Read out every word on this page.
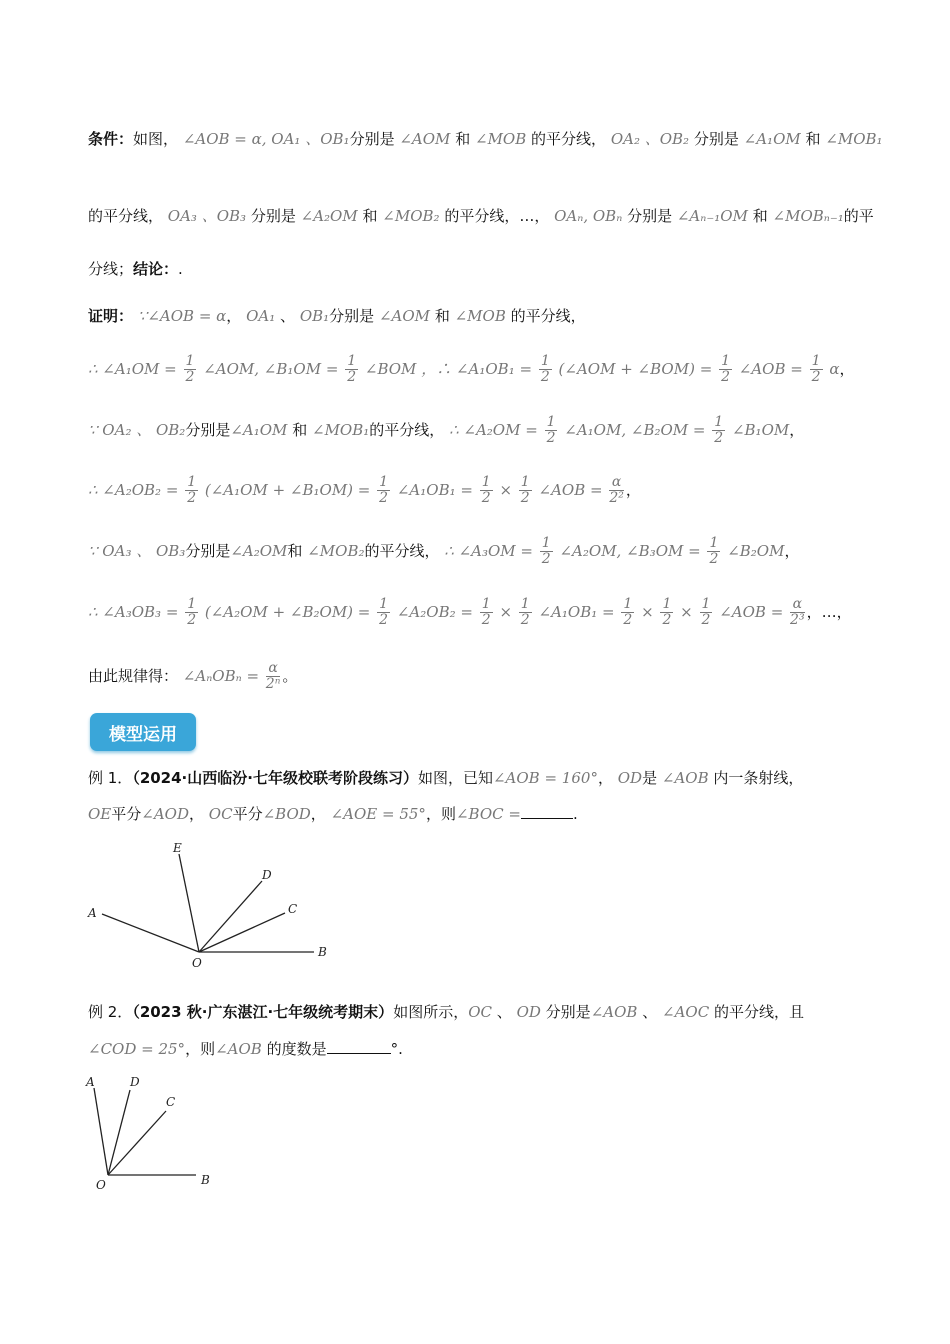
条件：如图， ∠AOB = α, OA₁ 、OB₁分别是 ∠AOM 和 ∠MOB 的平分线， OA₂ 、OB₂ 分别是 ∠A₁OM 和 ∠MOB₁
的平分线， OA₃ 、OB₃ 分别是 ∠A₂OM 和 ∠MOB₂ 的平分线，…， OAₙ, OBₙ 分别是 ∠Aₙ₋₁OM 和 ∠MOBₙ₋₁的平
分线；结论：.
证明： ∵∠AOB = α， OA₁ 、 OB₁分别是 ∠AOM 和 ∠MOB 的平分线，
∴ ∠A₁OM = $\frac{1}{2}$ ∠AOM, ∠B₁OM = $\frac{1}{2}$ ∠BOM ，∴ ∠A₁OB₁ = $\frac{1}{2}$ (∠AOM + ∠BOM) = $\frac{1}{2}$ ∠AOB = $\frac{1}{2}$ α，
∵ OA₂ 、 OB₂分别是∠A₁OM 和 ∠MOB₁的平分线， ∴ ∠A₂OM = $\frac{1}{2}$ ∠A₁OM, ∠B₂OM = $\frac{1}{2}$ ∠B₁OM，
∴ ∠A₂OB₂ = $\frac{1}{2}$ (∠A₁OM + ∠B₁OM) = $\frac{1}{2}$ ∠A₁OB₁ = $\frac{1}{2} \times \frac{1}{2}$ ∠AOB = $\frac{\alpha}{\text{2²}}$ ，
∵ OA₃ 、 OB₃分别是∠A₂OM和 ∠MOB₂的平分线， ∴ ∠A₃OM = $\frac{1}{2}$ ∠A₂OM, ∠B₃OM = $\frac{1}{2}$ ∠B₂OM，
∴ ∠A₃OB₃ = $\frac{1}{2}$ (∠A₂OM + ∠B₂OM) = $\frac{1}{2}$ ∠A₂OB₂ = $\frac{1}{2} \times \frac{1}{2}$ ∠A₁OB₁ = $\frac{1}{2} \times \frac{1}{2} \times \frac{1}{2}$ ∠AOB = $\frac{\alpha}{\text{2³}}$ ，…，
由此规律得： ∠AₙOBₙ = $\frac{\alpha}{\text{2ⁿ}}$ 。
模型运用
例 1．（2024·山西临汾·七年级校联考阶段练习）如图，已知∠AOB = 160°， OD是 ∠AOB 内一条射线，
OE平分∠AOD， OC平分∠BOD， ∠AOE = 55°，则∠BOC =	.
A
E
D
C
O
B
例 2．（2023 秋·广东湛江·七年级统考期末）如图所示，OC 、 OD 分别是∠AOB 、 ∠AOC 的平分线，且
∠COD = 25°，则∠AOB 的度数是	°.
A	D
C
O	B
